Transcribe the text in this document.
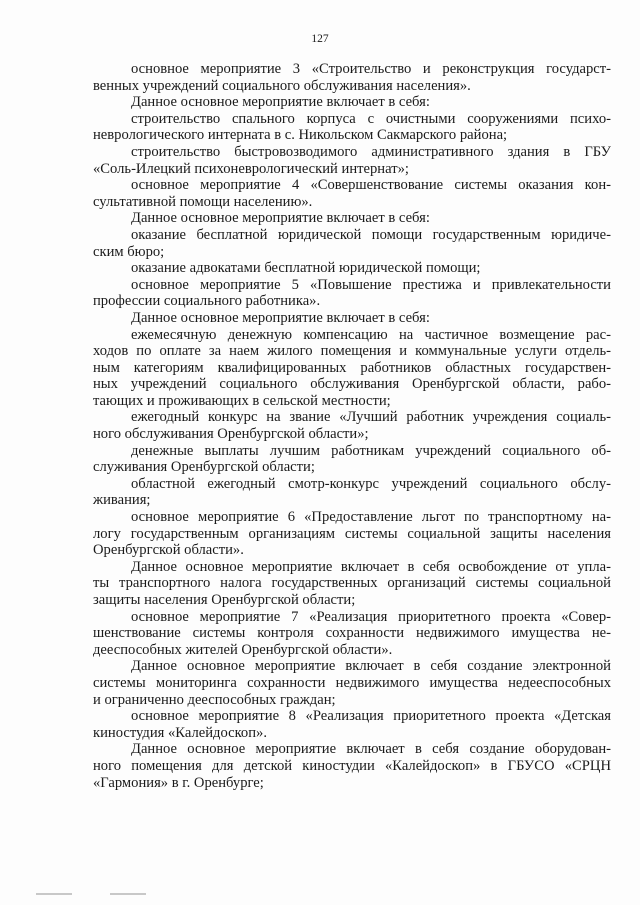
127
основное мероприятие 3 «Строительство и реконструкция государст-
венных учреждений социального обслуживания населения».
Данное основное мероприятие включает в себя:
строительство спального корпуса с очистными сооружениями психо-
неврологического интерната в с. Никольском Сакмарского района;
строительство быстровозводимого административного здания в ГБУ
«Соль-Илецкий психоневрологический интернат»;
основное мероприятие 4 «Совершенствование системы оказания кон-
сультативной помощи населению».
Данное основное мероприятие включает в себя:
оказание бесплатной юридической помощи государственным юридиче-
ским бюро;
оказание адвокатами бесплатной юридической помощи;
основное мероприятие 5 «Повышение престижа и привлекательности
профессии социального работника».
Данное основное мероприятие включает в себя:
ежемесячную денежную компенсацию на частичное возмещение рас-
ходов по оплате за наем жилого помещения и коммунальные услуги отдель-
ным категориям квалифицированных работников областных государствен-
ных учреждений социального обслуживания Оренбургской области, рабо-
тающих и проживающих в сельской местности;
ежегодный конкурс на звание «Лучший работник учреждения социаль-
ного обслуживания Оренбургской области»;
денежные выплаты лучшим работникам учреждений социального об-
служивания Оренбургской области;
областной ежегодный смотр-конкурс учреждений социального обслу-
живания;
основное мероприятие 6 «Предоставление льгот по транспортному на-
логу государственным организациям системы социальной защиты населения
Оренбургской области».
Данное основное мероприятие включает в себя освобождение от упла-
ты транспортного налога государственных организаций системы социальной
защиты населения Оренбургской области;
основное мероприятие 7 «Реализация приоритетного проекта «Совер-
шенствование системы контроля сохранности недвижимого имущества не-
дееспособных жителей Оренбургской области».
Данное основное мероприятие включает в себя создание электронной
системы мониторинга сохранности недвижимого имущества недееспособных
и ограниченно дееспособных граждан;
основное мероприятие 8 «Реализация приоритетного проекта «Детская
киностудия «Калейдоскоп».
Данное основное мероприятие включает в себя создание оборудован-
ного помещения для детской киностудии «Калейдоскоп» в ГБУСО «СРЦН
«Гармония» в г. Оренбурге;
